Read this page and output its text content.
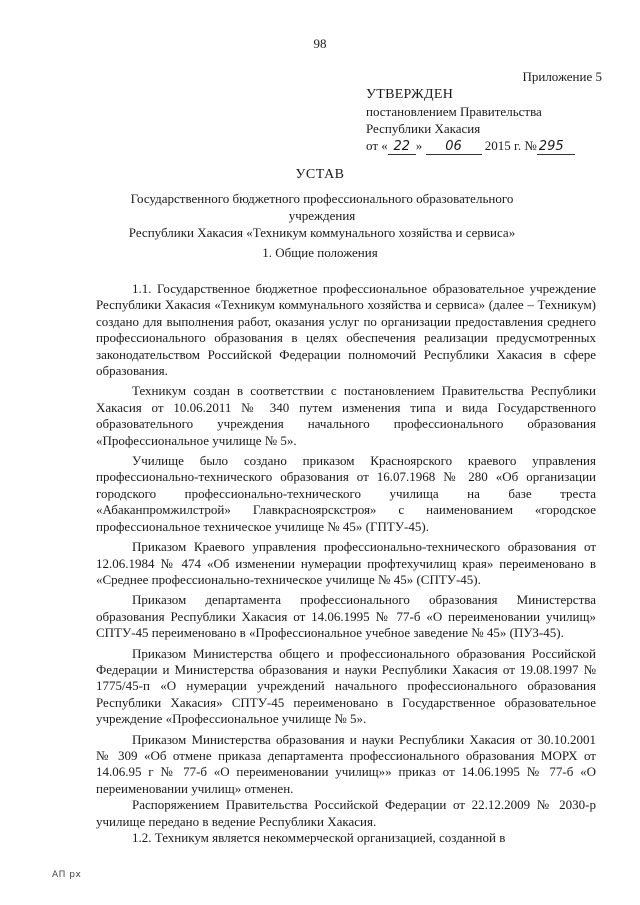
98
Приложение 5
УТВЕРЖДЕН
постановлением Правительства
Республики Хакасия
от « 22 » 06 2015 г. № 295
УСТАВ
Государственного бюджетного профессионального образовательного учреждения
Республики Хакасия «Техникум коммунального хозяйства и сервиса»
1. Общие положения

1.1. Государственное бюджетное профессиональное образовательное учреждение Республики Хакасия «Техникум коммунального хозяйства и сервиса» (далее – Техникум) создано для выполнения работ, оказания услуг по организации предоставления среднего профессионального образования в целях обеспечения реализации предусмотренных законодательством Российской Федерации полномочий Республики Хакасия в сфере образования.

Техникум создан в соответствии с постановлением Правительства Республики Хакасия от 10.06.2011 № 340 путем изменения типа и вида Государственного образовательного учреждения начального профессионального образования «Профессиональное училище № 5».

Училище было создано приказом Красноярского краевого управления профессионально-технического образования от 16.07.1968 № 280 «Об организации городского профессионально-технического училища на базе треста «Абаканпромжилстрой» Главкрасноярскстроя» с наименованием «городское профессиональное техническое училище № 45» (ГПТУ-45).

Приказом Краевого управления профессионально-технического образования от 12.06.1984 № 474 «Об изменении нумерации профтехучилищ края» переименовано в «Среднее профессионально-техническое училище № 45» (СПТУ-45).

Приказом департамента профессионального образования Министерства образования Республики Хакасия от 14.06.1995 № 77-б «О переименовании училищ» СПТУ-45 переименовано в «Профессиональное учебное заведение № 45» (ПУЗ-45).

Приказом Министерства общего и профессионального образования Российской Федерации и Министерства образования и науки Республики Хакасия от 19.08.1997 № 1775/45-п «О нумерации учреждений начального профессионального образования Республики Хакасия» СПТУ-45 переименовано в Государственное образовательное учреждение «Профессиональное училище № 5».

Приказом Министерства образования и науки Республики Хакасия от 30.10.2001 № 309 «Об отмене приказа департамента профессионального образования МОРХ от 14.06.95 г № 77-б «О переименовании училищ»» приказ от 14.06.1995 № 77-б «О переименовании училищ» отменен.

Распоряжением Правительства Российской Федерации от 22.12.2009 № 2030-р училище передано в ведение Республики Хакасия.

1.2. Техникум является некоммерческой организацией, созданной в

АП рх
